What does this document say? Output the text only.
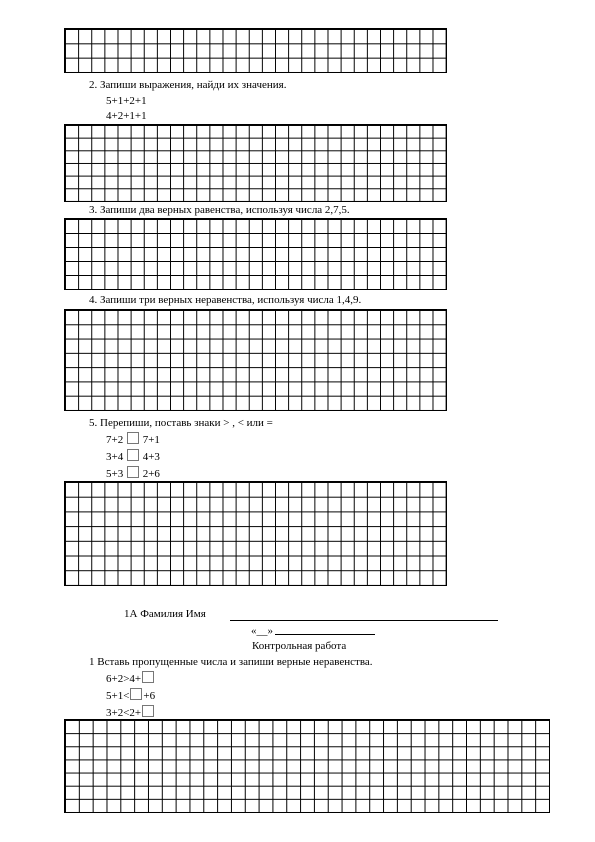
2. Запиши выражения, найди их значения.
5+1+2+1
4+2+1+1
3. Запиши два верных равенства, используя числа 2,7,5.
4. Запиши три верных неравенства, используя числа 1,4,9.
5. Перепиши, поставь знаки > , < или =
7+2 7+1
3+4 4+3
5+3 2+6
1А Фамилия Имя
«__»
Контрольная работа
1 Вставь пропущенные числа и запиши верные неравенства.
6+2>4+
5+1< +6
3+2<2+
